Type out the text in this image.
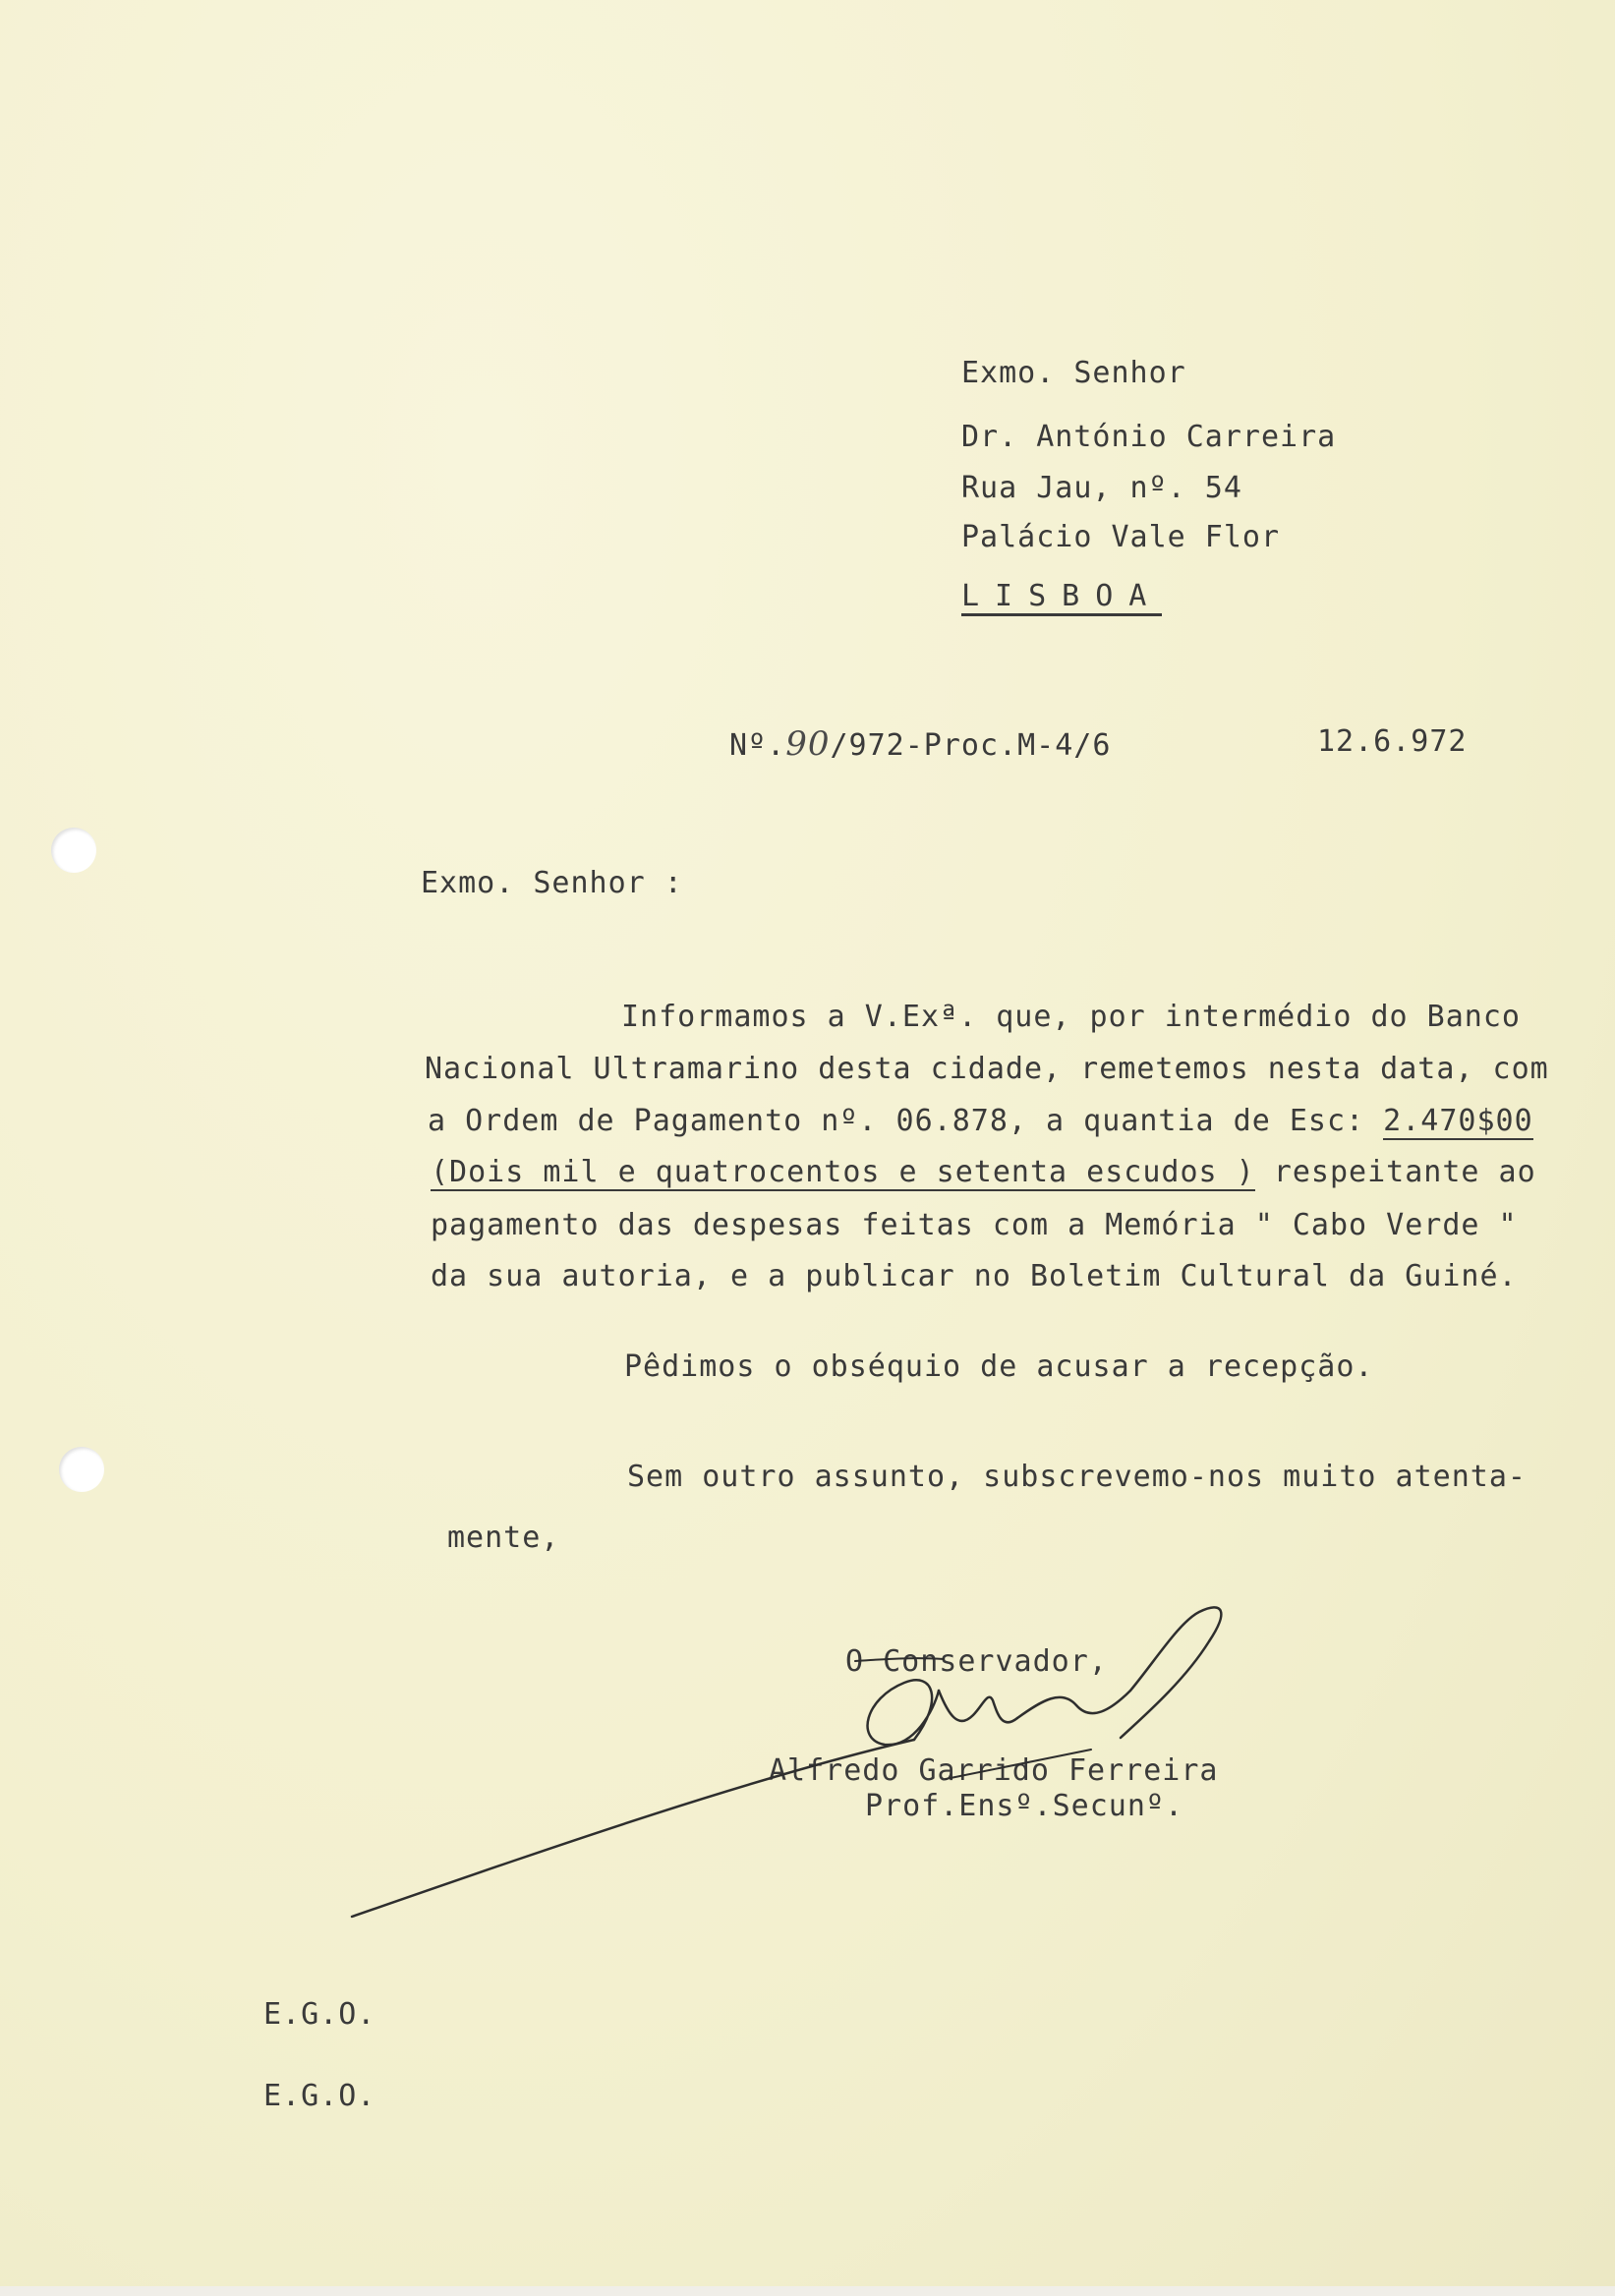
Exmo. Senhor
Dr. António Carreira
Rua Jau, nº. 54
Palácio Vale Flor
LISBOA
Nº.90/972-Proc.M-4/6	12.6.972
Exmo. Senhor :
Informamos a V.Exª. que, por intermédio do Banco
Nacional Ultramarino desta cidade, remetemos nesta data, com
a Ordem de Pagamento nº. 06.878, a quantia de Esc: 2.470$00
(Dois mil e quatrocentos e setenta escudos ) respeitante ao
pagamento das despesas feitas com a Memória " Cabo Verde "
da sua autoria, e a publicar no Boletim Cultural da Guiné.
Pêdimos o obséquio de acusar a recepção.
Sem outro assunto, subscrevemo-nos muito atenta-
mente,
O Conservador,
Alfredo Garrido Ferreira
Prof.Ensº.Secunº.
E.G.O.
E.G.O.
